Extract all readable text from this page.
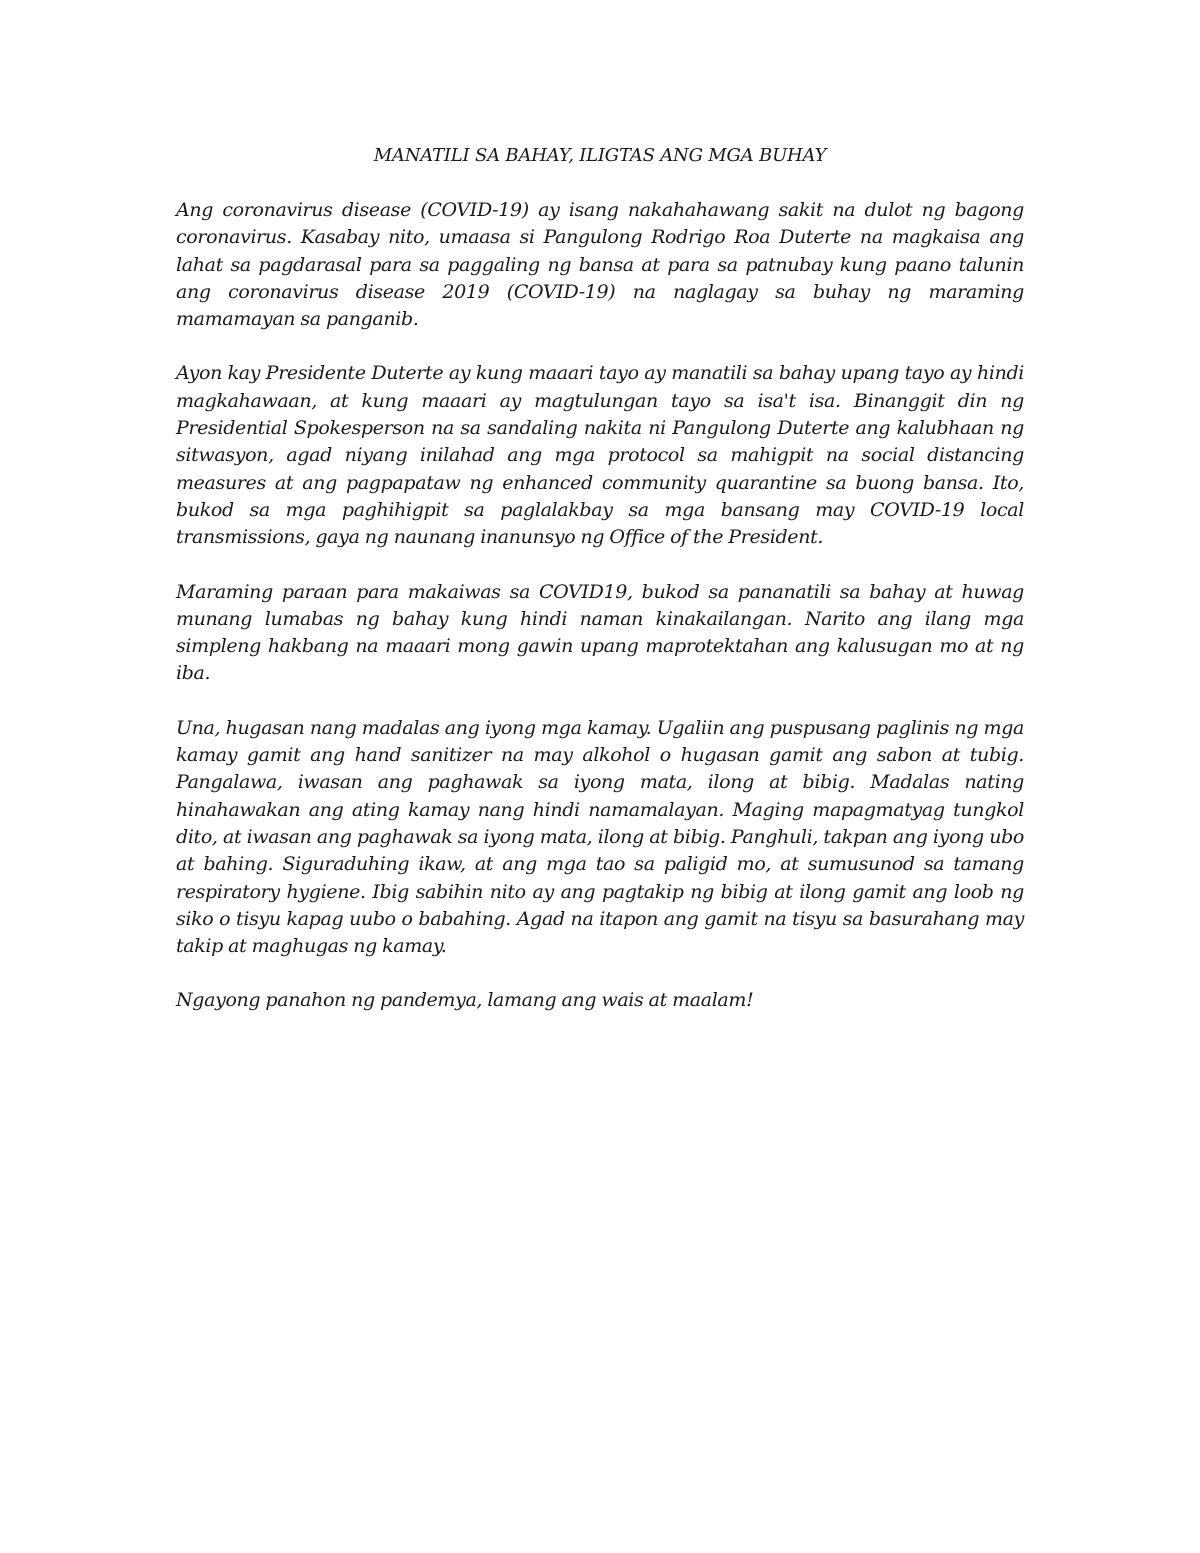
MANATILI SA BAHAY, ILIGTAS ANG MGA BUHAY

Ang coronavirus disease (COVID-19) ay isang nakahahawang sakit na dulot ng bagong coronavirus. Kasabay nito, umaasa si Pangulong Rodrigo Roa Duterte na magkaisa ang lahat sa pagdarasal para sa paggaling ng bansa at para sa patnubay kung paano talunin ang coronavirus disease 2019 (COVID-19) na naglagay sa buhay ng maraming mamamayan sa panganib.

Ayon kay Presidente Duterte ay kung maaari tayo ay manatili sa bahay upang tayo ay hindi magkahawaan, at kung maaari ay magtulungan tayo sa isa't isa. Binanggit din ng Presidential Spokesperson na sa sandaling nakita ni Pangulong Duterte ang kalubhaan ng sitwasyon, agad niyang inilahad ang mga protocol sa mahigpit na social distancing measures at ang pagpapataw ng enhanced community quarantine sa buong bansa. Ito, bukod sa mga paghihigpit sa paglalakbay sa mga bansang may COVID-19 local transmissions, gaya ng naunang inanunsyo ng Office of the President.

Maraming paraan para makaiwas sa COVID19, bukod sa pananatili sa bahay at huwag munang lumabas ng bahay kung hindi naman kinakailangan. Narito ang ilang mga simpleng hakbang na maaari mong gawin upang maprotektahan ang kalusugan mo at ng iba.

Una, hugasan nang madalas ang iyong mga kamay. Ugaliin ang puspusang paglinis ng mga kamay gamit ang hand sanitizer na may alkohol o hugasan gamit ang sabon at tubig. Pangalawa, iwasan ang paghawak sa iyong mata, ilong at bibig. Madalas nating hinahawakan ang ating kamay nang hindi namamalayan. Maging mapagmatyag tungkol dito, at iwasan ang paghawak sa iyong mata, ilong at bibig. Panghuli, takpan ang iyong ubo at bahing. Siguraduhing ikaw, at ang mga tao sa paligid mo, at sumusunod sa tamang respiratory hygiene. Ibig sabihin nito ay ang pagtakip ng bibig at ilong gamit ang loob ng siko o tisyu kapag uubo o babahing. Agad na itapon ang gamit na tisyu sa basurahang may takip at maghugas ng kamay.

Ngayong panahon ng pandemya, lamang ang wais at maalam!
